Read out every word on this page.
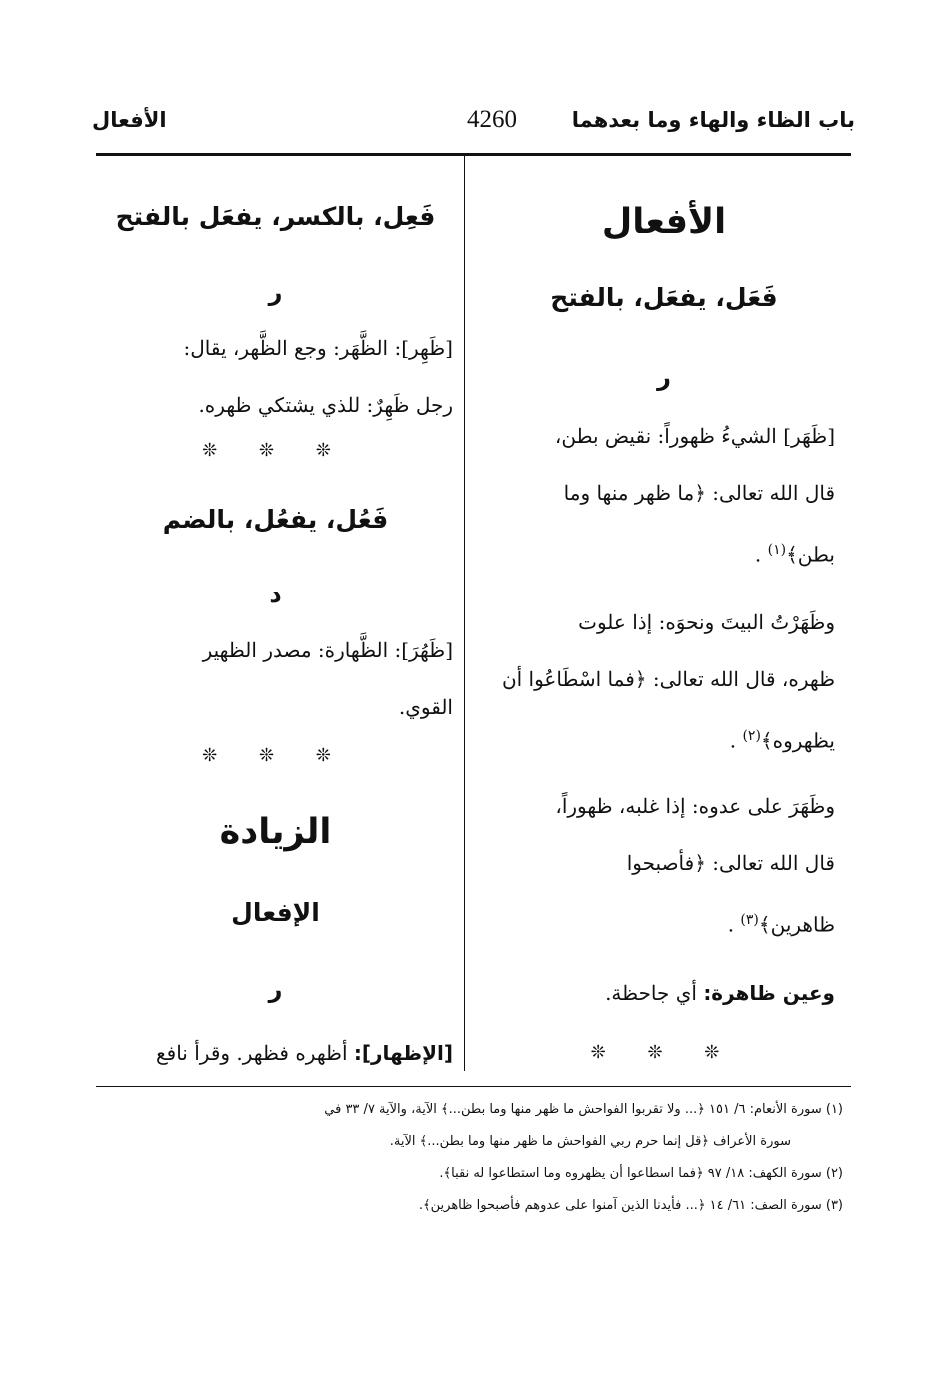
باب الظاء والهاء وما بعدهما
4260
الأفعال
الأفعال
فَعَل، يفعَل، بالفتح
ر
[ظَهَر] الشيءُ ظهوراً: نقيض بطن،
قال الله تعالى: ﴿ما ظهر منها وما
بطن﴾$^{(١)}$ .
وظَهَرْتُ البيتَ ونحوَه: إذا علوت
ظهره، قال الله تعالى: ﴿فما اسْطَاعُوا أن
يظهروه﴾$^{(٢)}$ .
وظَهَرَ على عدوه: إذا غلبه، ظهوراً،
قال الله تعالى: ﴿فأصبحوا
ظاهرين﴾$^{(٣)}$ .
وعين ظاهرة: أي جاحظة.
❊ ❊ ❊
فَعِل، بالكسر، يفعَل بالفتح
ر
[ظَهِر]: الظَّهَر: وجع الظَّهر، يقال:
رجل ظَهِرٌ: للذي يشتكي ظهره.
❊ ❊ ❊
فَعُل، يفعُل، بالضم
د
[ظَهُرَ]: الظَّهارة: مصدر الظهير
القوي.
❊ ❊ ❊
الزيادة
الإفعال
ر
[الإظهار]: أظهره فظهر. وقرأ نافع
(١) سورة الأنعام: ٦/ ١٥١ ﴿... ولا تقربوا الفواحش ما ظهر منها وما بطن...﴾ الآية، والآية ٧/ ٣٣ في
سورة الأعراف ﴿قل إنما حرم ربي الفواحش ما ظهر منها وما بطن...﴾ الآية.
(٢) سورة الكهف: ١٨/ ٩٧ ﴿فما اسطاعوا أن يظهروه وما استطاعوا له نقبا﴾.
(٣) سورة الصف: ٦١/ ١٤ ﴿... فأيدنا الذين آمنوا على عدوهم فأصبحوا ظاهرين﴾.
